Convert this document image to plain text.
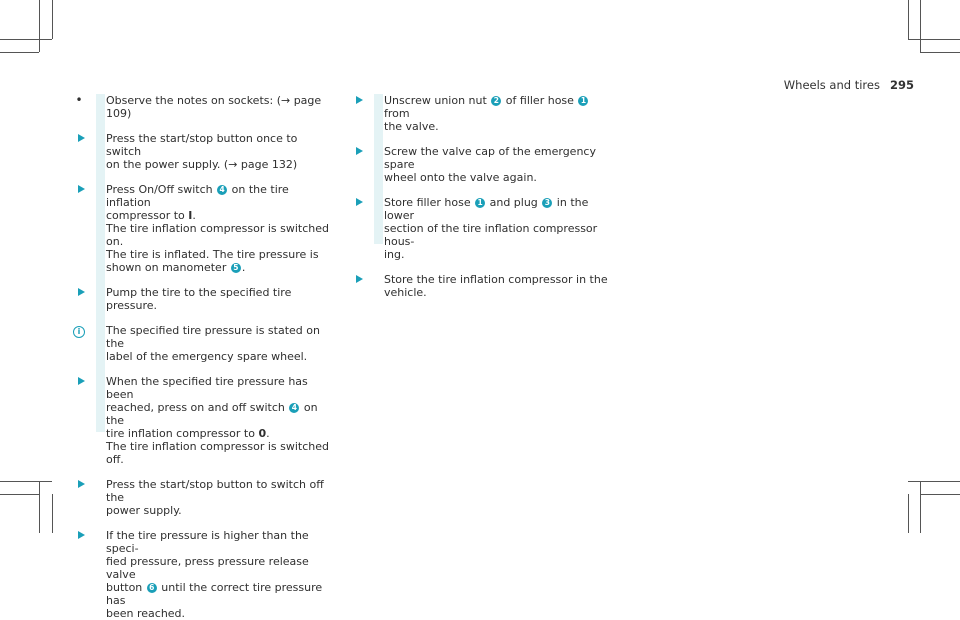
Wheels and tires 295
•	Observe the notes on sockets: (→ page 109)
Press the start/stop button once to switch
on the power supply. (→ page 132)
Press On/Off switch 4 on the tire inflation
compressor to I.
The tire inflation compressor is switched on.
The tire is inflated. The tire pressure is
shown on manometer 5 .
Pump the tire to the specified tire pressure.
i	The specified tire pressure is stated on the
label of the emergency spare wheel.
When the specified tire pressure has been
reached, press on and off switch 4 on the
tire inflation compressor to 0.
The tire inflation compressor is switched off.
Press the start/stop button to switch off the
power supply.
If the tire pressure is higher than the speci-
fied pressure, press pressure release valve
button 6 until the correct tire pressure has
been reached.
Unscrew union nut 2 of filler hose 1 from
the valve.
Screw the valve cap of the emergency spare
wheel onto the valve again.
Store filler hose 1 and plug 3 in the lower
section of the tire inflation compressor hous-
ing.
Store the tire inflation compressor in the
vehicle.
